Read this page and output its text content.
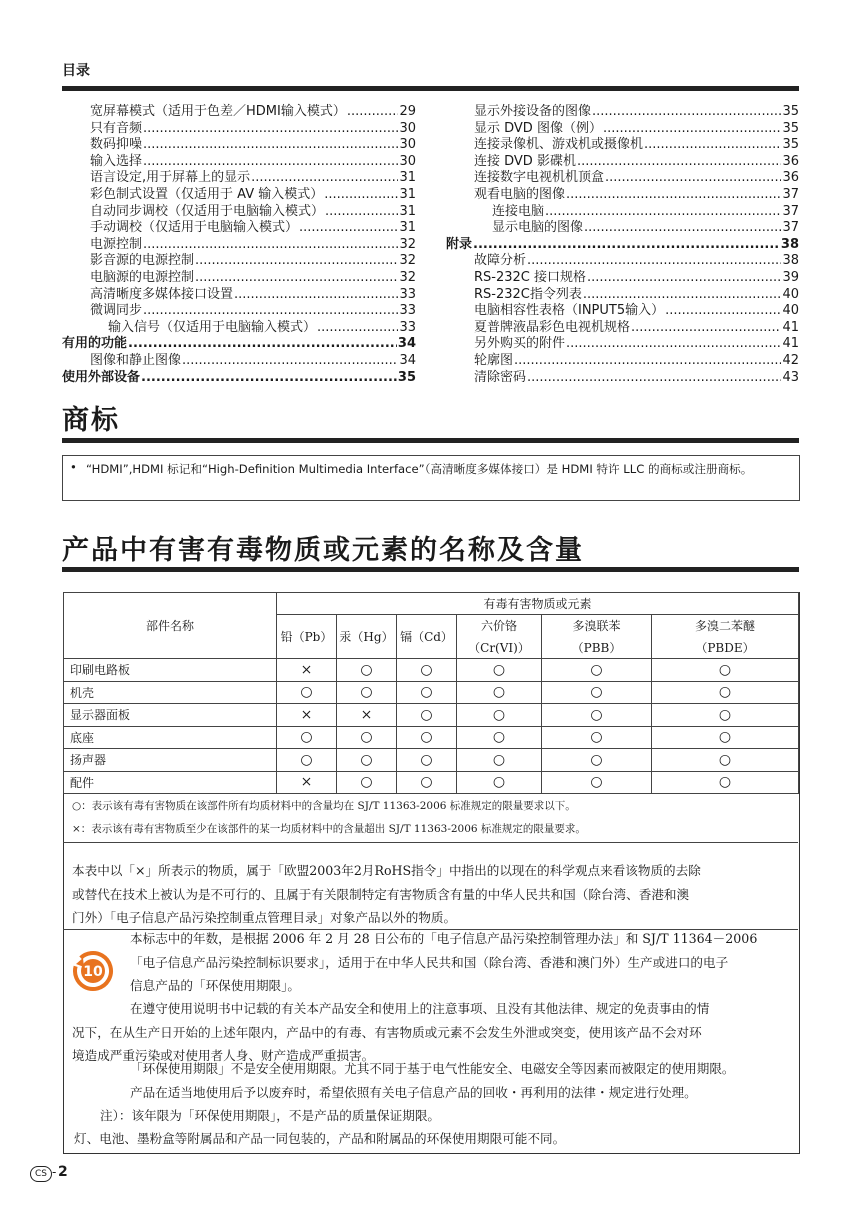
目录
宽屏幕模式（适用于色差／HDMI输入模式） .....	29
只有音频 .....	30
数码抑噪 .....	30
输入选择 .....	30
语言设定,用于屏幕上的显示 .....	31
彩色制式设置（仅适用于 AV 输入模式） .....	31
自动同步调校（仅适用于电脑输入模式） .....	31
手动调校（仅适用于电脑输入模式） .....	31
电源控制 .....	32
影音源的电源控制 .....	32
电脑源的电源控制 .....	32
高清晰度多媒体接口设置 .....	33
微调同步 .....	33
输入信号（仅适用于电脑输入模式） .....	33
有用的功能 .....	34
图像和静止图像 .....	34
使用外部设备 .....	35
显示外接设备的图像 .....	35
显示 DVD 图像（例） .....	35
连接录像机、游戏机或摄像机 .....	35
连接 DVD 影碟机 .....	36
连接数字电视机机顶盒 .....	36
观看电脑的图像 .....	37
连接电脑 .....	37
显示电脑的图像 .....	37
附录 .....	38
故障分析 .....	38
RS-232C 接口规格 .....	39
RS-232C指令列表 .....	40
电脑相容性表格（INPUT5输入） .....	40
夏普牌液晶彩色电视机规格 .....	41
另外购买的附件 .....	41
轮廓图 .....	42
清除密码 .....	43
商标
• “HDMI”,HDMI 标记和“High-Definition Multimedia Interface”（高清晰度多媒体接口）是 HDMI 特许 LLC 的商标或注册商标。
产品中有害有毒物质或元素的名称及含量
部件名称	有毒有害物质或元素					
	铅（Pb）	汞（Hg）	镉（Cd）	六价铬	多溴联苯	多溴二苯醚
				（Cr(VI)）	（PBB）	（PBDE）
印刷电路板	×	○	○	○	○	○
机壳	○	○	○	○	○	○
显示器面板	×	×	○	○	○	○
底座	○	○	○	○	○	○
扬声器	○	○	○	○	○	○
配件	×	○	○	○	○	○
○：表示该有毒有害物质在该部件所有均质材料中的含量均在 SJ/T 11363-2006 标准规定的限量要求以下。
×：表示该有毒有害物质至少在该部件的某一均质材料中的含量超出 SJ/T 11363-2006 标准规定的限量要求。
本表中以「×」所表示的物质，属于「欧盟2003年2月RoHS指令」中指出的以现在的科学观点来看该物质的去除
或替代在技术上被认为是不可行的、且属于有关限制特定有害物质含有量的中华人民共和国（除台湾、香港和澳
门外）「电子信息产品污染控制重点管理目录」对象产品以外的物质。
10
本标志中的年数，是根据 2006 年 2 月 28 日公布的「电子信息产品污染控制管理办法」和 SJ/T 11364－2006
「电子信息产品污染控制标识要求」，适用于在中华人民共和国（除台湾、香港和澳门外）生产或进口的电子
信息产品的「环保使用期限」。
在遵守使用说明书中记载的有关本产品安全和使用上的注意事项、且没有其他法律、规定的免责事由的情
况下，在从生产日开始的上述年限内，产品中的有毒、有害物质或元素不会发生外泄或突变，使用该产品不会对环
境造成严重污染或对使用者人身、财产造成严重损害。
「环保使用期限」不是安全使用期限。尤其不同于基于电气性能安全、电磁安全等因素而被限定的使用期限。
产品在适当地使用后予以废弃时，希望依照有关电子信息产品的回收・再利用的法律・规定进行处理。
注）：该年限为「环保使用期限」，不是产品的质量保证期限。
灯、电池、墨粉盒等附属品和产品一同包装的，产品和附属品的环保使用期限可能不同。
CS - 2
